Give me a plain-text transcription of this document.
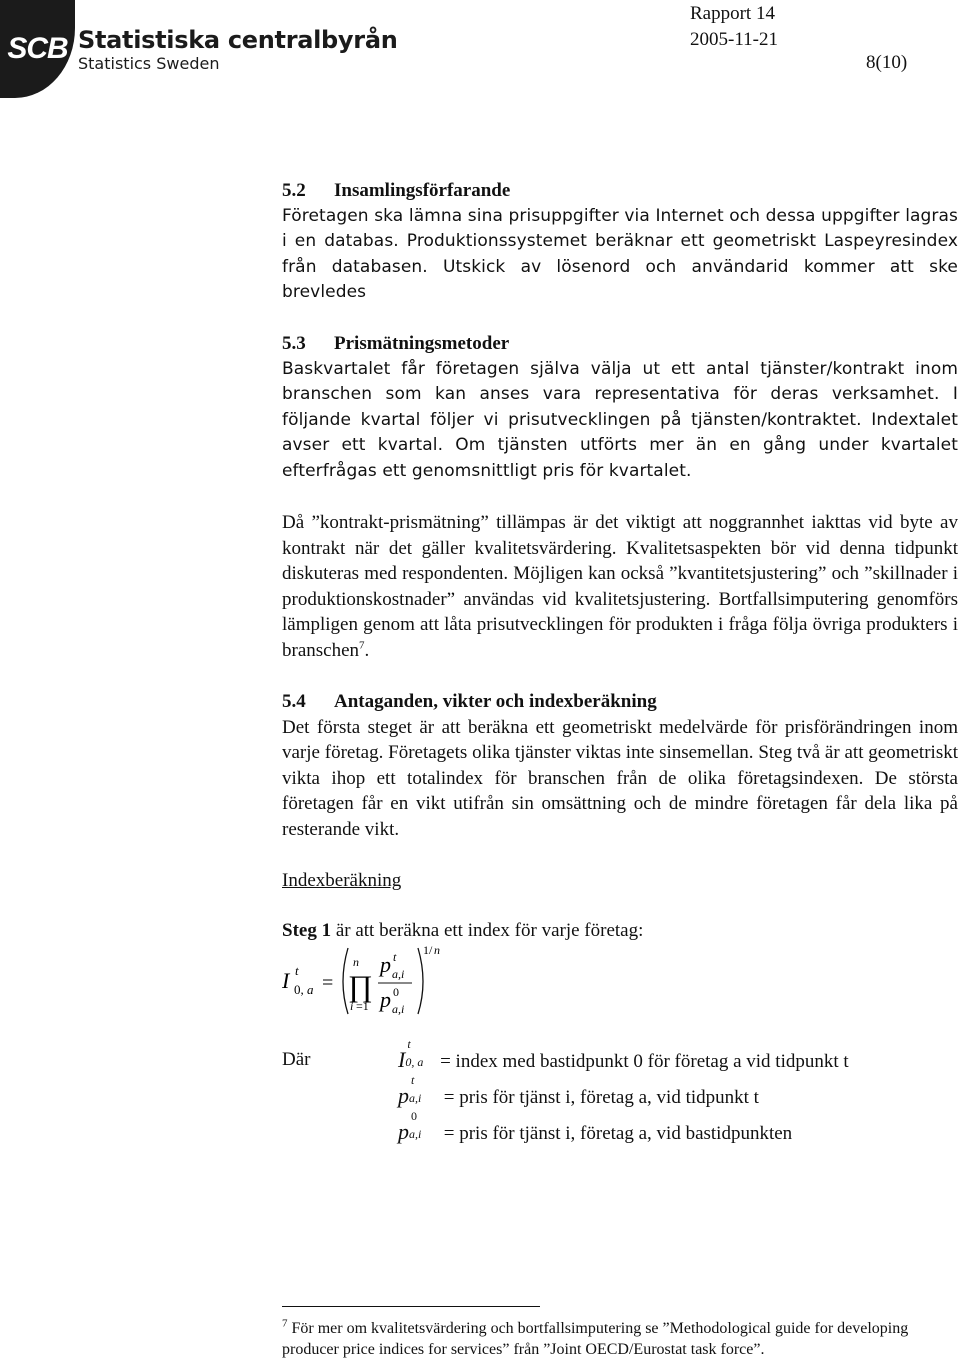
SCB Statistiska centralbyrån
Statistics Sweden
Rapport 14
2005-11-21
8(10)
5.2 Insamlingsförfarande
Företagen ska lämna sina prisuppgifter via Internet och dessa uppgifter lagras i en databas. Produktionssystemet beräknar ett geometriskt Laspeyresindex från databasen. Utskick av lösenord och användarid kommer att ske brevledes
5.3 Prismätningsmetoder
Baskvartalet får företagen själva välja ut ett antal tjänster/kontrakt inom branschen som kan anses vara representativa för deras verksamhet. I följande kvartal följer vi prisutvecklingen på tjänsten/kontraktet. Indextalet avser ett kvartal. Om tjänsten utförts mer än en gång under kvartalet efterfrågas ett genomsnittligt pris för kvartalet.
Då ”kontrakt-prismätning” tillämpas är det viktigt att noggrannhet iakttas vid byte av kontrakt när det gäller kvalitetsvärdering. Kvalitetsaspekten bör vid denna tidpunkt diskuteras med respondenten. Möjligen kan också ”kvantitetsjustering” och ”skillnader i produktionskostnader” användas vid kvalitetsjustering. Bortfallsimputering genomförs lämpligen genom att låta prisutvecklingen för produkten i fråga följa övriga produkters i branschen$^7$.
5.4 Antaganden, vikter och indexberäkning
Det första steget är att beräkna ett geometriskt medelvärde för prisförändringen inom varje företag. Företagets olika tjänster viktas inte sinsemellan. Steg två är att geometriskt vikta ihop ett totalindex för branschen från de olika företagsindexen. De största företagen får en vikt utifrån sin omsättning och de mindre företagen får dela lika på resterande vikt.
Indexberäkning
Steg 1 är att beräkna ett index för varje företag:
I t
0, a =
n
∏
i =1
p t
a,i
p 0
a,i
1/ n
Där	I
t
0, a = index med bastidpunkt 0 för företag a vid tidpunkt t
p
t
a,i = pris för tjänst i, företag a, vid tidpunkt t
p
0
a,i = pris för tjänst i, företag a, vid bastidpunkten
$^7$ För mer om kvalitetsvärdering och bortfallsimputering se ”Methodological guide for developing producer price indices for services” från ”Joint OECD/Eurostat task force”.
